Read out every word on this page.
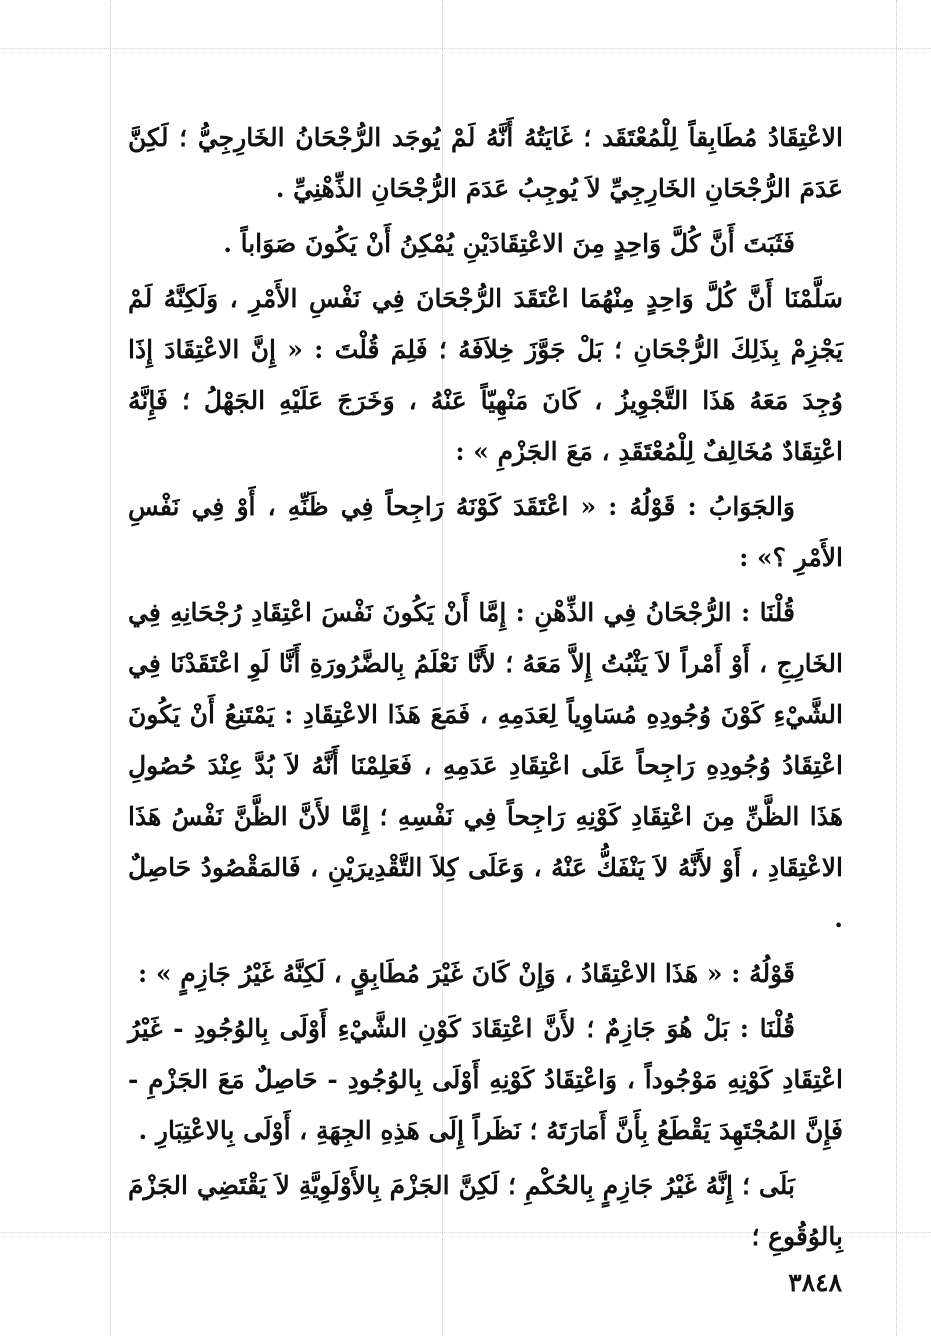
الاعْتِقَادُ مُطَابِقاً لِلْمُعْتَقَد ؛ غَايَتُهُ أَنَّهُ لَمْ يُوجَد الرُّجْحَانُ الخَارِجِيُّ ؛ لَكِنَّ عَدَمَ الرُّجْحَانِ الخَارِجِيِّ لاَ يُوجِبُ عَدَمَ الرُّجْحَانِ الذِّهْنِيِّ .

فَثَبَتَ أَنَّ كُلَّ وَاحِدٍ مِنَ الاعْتِقَادَيْنِ يُمْكِنُ أَنْ يَكُونَ صَوَاباً .

سَلَّمْنَا أَنَّ كُلَّ وَاحِدٍ مِنْهُمَا اعْتَقَدَ الرُّجْحَانَ فِي نَفْسِ الأَمْرِ ، وَلَكِنَّهُ لَمْ يَجْزِمْ بِذَلِكَ الرُّجْحَانِ ؛ بَلْ جَوَّزَ خِلاَفَهُ ؛ فَلِمَ قُلْتَ : « إِنَّ الاعْتِقَادَ إِذَا وُجِدَ مَعَهُ هَذَا التَّجْوِيزُ ، كَانَ مَنْهِيّاً عَنْهُ ، وَخَرَجَ عَلَيْهِ الجَهْلُ ؛ فَإِنَّهُ اعْتِقَادٌ مُخَالِفٌ لِلْمُعْتَقَدِ ، مَعَ الجَزْمِ » :

وَالجَوَابُ : قَوْلُهُ : « اعْتَقَدَ كَوْنَهُ رَاجِحاً فِي ظَنِّهِ ، أَوْ فِي نَفْسِ الأَمْرِ ؟» :

قُلْنَا : الرُّجْحَانُ فِي الذِّهْنِ : إِمَّا أَنْ يَكُونَ نَفْسَ اعْتِقَادِ رُجْحَانِهِ فِي الخَارِجِ ، أَوْ أَمْراً لاَ يَثْبُتُ إِلاَّ مَعَهُ ؛ لأَنَّا نَعْلَمُ بِالضَّرُورَةِ أَنَّا لَوِ اعْتَقَدْنَا فِي الشَّيْءِ كَوْنَ وُجُودِهِ مُسَاوِياً لِعَدَمِهِ ، فَمَعَ هَذَا الاعْتِقَادِ : يَمْتَنِعُ أَنْ يَكُونَ اعْتِقَادُ وُجُودِهِ رَاجِحاً عَلَى اعْتِقَادِ عَدَمِهِ ، فَعَلِمْنَا أَنَّهُ لاَ بُدَّ عِنْدَ حُصُولِ هَذَا الظَّنِّ مِنَ اعْتِقَادِ كَوْنِهِ رَاجِحاً فِي نَفْسِهِ ؛ إِمَّا لأَنَّ الظَّنَّ نَفْسُ هَذَا الاعْتِقَادِ ، أَوْ لأَنَّهُ لاَ يَنْفَكُّ عَنْهُ ، وَعَلَى كِلاَ التَّقْدِيرَيْنِ ، فَالمَقْصُودُ حَاصِلٌ .

قَوْلُهُ : « هَذَا الاعْتِقَادُ ، وَإِنْ كَانَ غَيْرَ مُطَابِقٍ ، لَكِنَّهُ غَيْرُ جَازِمٍ » :

قُلْنَا : بَلْ هُوَ جَازِمٌ ؛ لأَنَّ اعْتِقَادَ كَوْنِ الشَّيْءِ أَوْلَى بِالوُجُودِ - غَيْرُ اعْتِقَادِ كَوْنِهِ مَوْجُوداً ، وَاعْتِقَادُ كَوْنِهِ أَوْلَى بِالوُجُودِ - حَاصِلٌ مَعَ الجَزْمِ - فَإِنَّ المُجْتَهِدَ يَقْطَعُ بِأَنَّ أَمَارَتَهُ ؛ نَظَراً إِلَى هَذِهِ الجِهَةِ ، أَوْلَى بِالاعْتِبَارِ .

بَلَى ؛ إِنَّهُ غَيْرُ جَازِمٍ بِالحُكْمِ ؛ لَكِنَّ الجَزْمَ بِالأَوْلَوِيَّةِ لاَ يَقْتَضِي الجَزْمَ بِالوُقُوعِ ؛

٣٨٤٨
